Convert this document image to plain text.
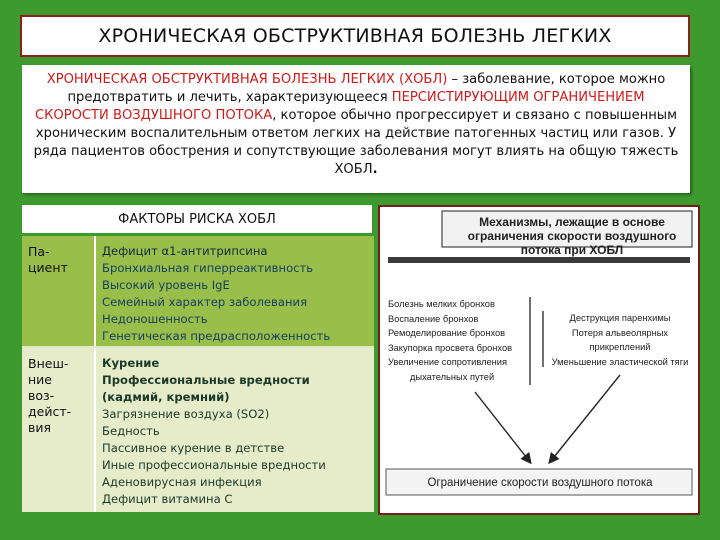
ХРОНИЧЕСКАЯ ОБСТРУКТИВНАЯ БОЛЕЗНЬ ЛЕГКИХ
ХРОНИЧЕСКАЯ ОБСТРУКТИВНАЯ БОЛЕЗНЬ ЛЕГКИХ (ХОБЛ) – заболевание, которое можно предотвратить и лечить, характеризующееся ПЕРСИСТИРУЮЩИМ ОГРАНИЧЕНИЕМ СКОРОСТИ ВОЗДУШНОГО ПОТОКА, которое обычно прогрессирует и связано с повышенным хроническим воспалительным ответом легких на действие патогенных частиц или газов. У ряда пациентов обострения и сопутствующие заболевания могут влиять на общую тяжесть ХОБЛ.
ФАКТОРЫ РИСКА ХОБЛ
Па-
циент
Дефицит α1-антитрипсина
Бронхиальная гиперреактивность
Высокий уровень IgE
Семейный характер заболевания
Недоношенность
Генетическая предрасположенность
Внеш-
ние
воз-
дейст-
вия
Курение
Профессиональные вредности
(кадмий, кремний)
Загрязнение воздуха (SO2)
Бедность
Пассивное курение в детстве
Иные профессиональные вредности
Аденовирусная инфекция
Дефицит витамина С
Механизмы, лежащие в основе
ограничения скорости воздушного потока при ХОБЛ
Болезнь мелких бронхов
Воспаление бронхов
Ремоделирование бронхов
Закупорка просвета бронхов
Увеличение сопротивления
дыхательных путей
Деструкция паренхимы
Потеря альвеолярных
прикреплений
Уменьшение эластической тяги
Ограничение скорости воздушного потока
